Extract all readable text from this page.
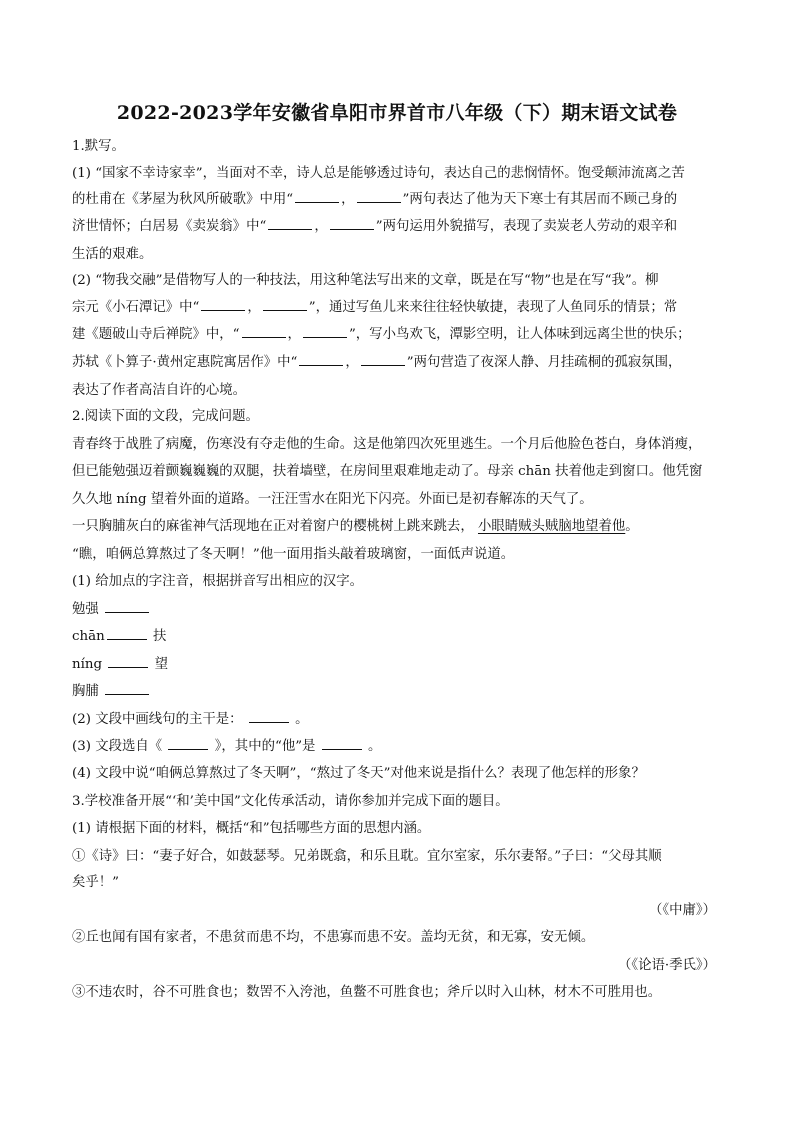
2022-2023学年安徽省阜阳市界首市八年级（下）期末语文试卷
1.默写。
(1) “国家不幸诗家幸”，当面对不幸，诗人总是能够透过诗句，表达自己的悲悯情怀。饱受颠沛流离之苦
的杜甫在《茅屋为秋风所破歌》中用“	，	”两句表达了他为天下寒士有其居而不顾己身的
济世情怀；白居易《卖炭翁》中“	，	”两句运用外貌描写，表现了卖炭老人劳动的艰辛和
生活的艰难。
(2) “物我交融”是借物写人的一种技法，用这种笔法写出来的文章，既是在写“物”也是在写“我”。柳
宗元《小石潭记》中“	，	”，通过写鱼儿来来往往轻快敏捷，表现了人鱼同乐的情景；常
建《题破山寺后禅院》中，“	，	”，写小鸟欢飞，潭影空明，让人体味到远离尘世的快乐；
苏轼《卜算子·黄州定惠院寓居作》中“	，	”两句营造了夜深人静、月挂疏桐的孤寂氛围，
表达了作者高洁自许的心境。
2.阅读下面的文段，完成问题。
青春终于战胜了病魔，伤寒没有夺走他的生命。这是他第四次死里逃生。一个月后他脸色苍白，身体消瘦，
但已能勉强迈着颤巍巍巍的双腿，扶着墙壁，在房间里艰难地走动了。母亲 chān 扶着他走到窗口。他凭窗
久久地 níng 望着外面的道路。一汪汪雪水在阳光下闪亮。外面已是初春解冻的天气了。
一只胸脯灰白的麻雀神气活现地在正对着窗户的樱桃树上跳来跳去， 小眼睛贼头贼脑地望着他。
“瞧，咱俩总算熬过了冬天啊！”他一面用指头敲着玻璃窗，一面低声说道。
(1) 给加点的字注音，根据拼音写出相应的汉字。
勉强
chān	扶
níng	望
胸脯
(2) 文段中画线句的主干是：	。
(3) 文段选自《	》，其中的“他”是	。
(4) 文段中说“咱俩总算熬过了冬天啊”，“熬过了冬天”对他来说是指什么？表现了他怎样的形象？
3.学校准备开展“‘和’美中国”文化传承活动，请你参加并完成下面的题目。
(1) 请根据下面的材料，概括“和”包括哪些方面的思想内涵。
①《诗》曰：“妻子好合，如鼓瑟琴。兄弟既翕，和乐且耽。宜尔室家，乐尔妻帑。”子曰：“父母其顺
矣乎！”
（《中庸》）
②丘也闻有国有家者，不患贫而患不均，不患寡而患不安。盖均无贫，和无寡，安无倾。
（《论语·季氏》）
③不违农时，谷不可胜食也；数罟不入洿池，鱼鳖不可胜食也；斧斤以时入山林，材木不可胜用也。
